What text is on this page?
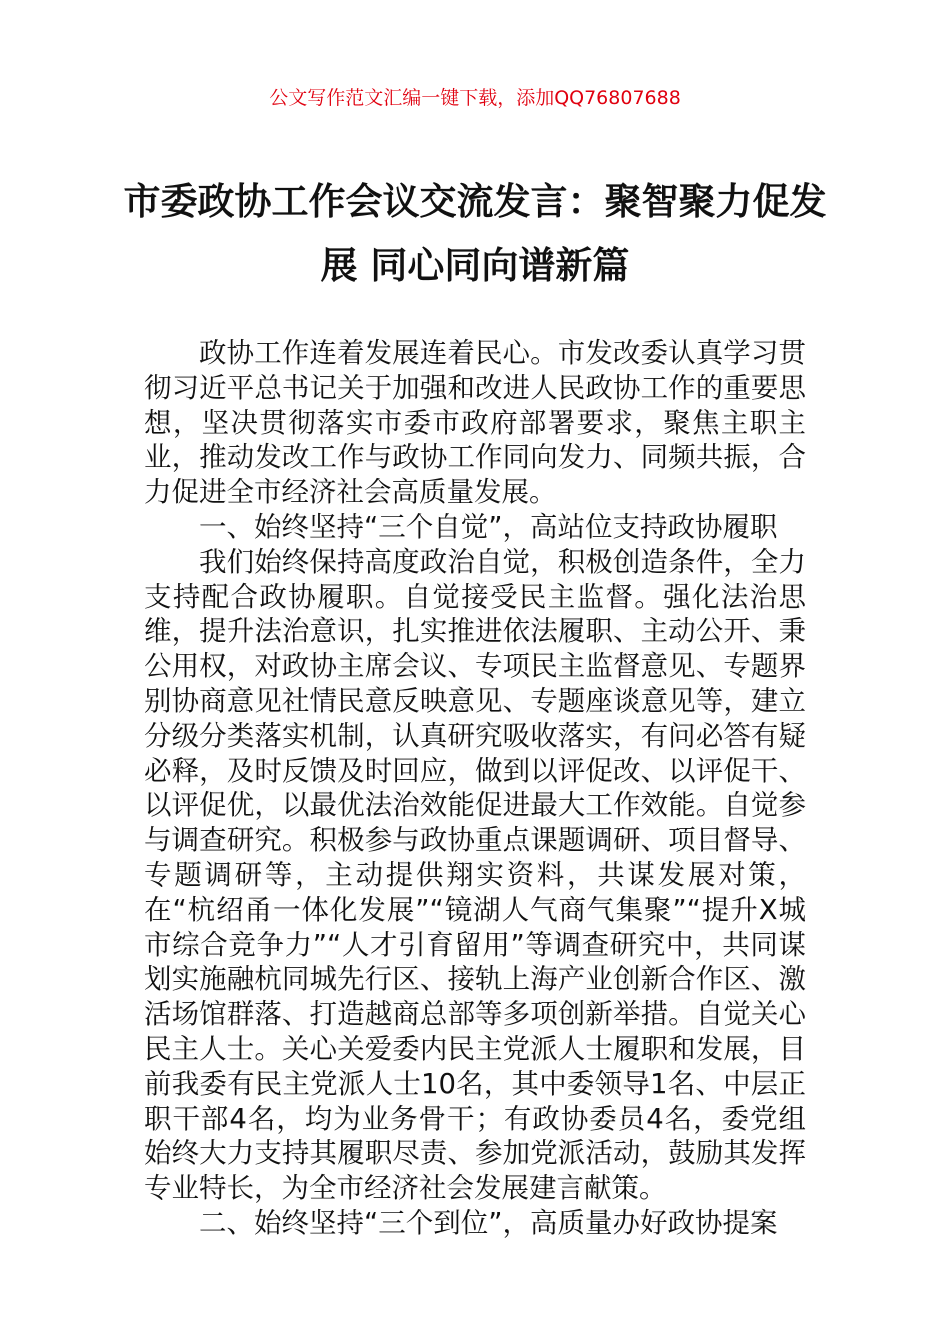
公文写作范文汇编一键下载，添加QQ76807688
市委政协工作会议交流发言：聚智聚力促发展 同心同向谱新篇

政协工作连着发展连着民心。市发改委认真学习贯彻习近平总书记关于加强和改进人民政协工作的重要思想，坚决贯彻落实市委市政府部署要求，聚焦主职主业，推动发改工作与政协工作同向发力、同频共振，合力促进全市经济社会高质量发展。

一、始终坚持“三个自觉”，高站位支持政协履职

我们始终保持高度政治自觉，积极创造条件，全力支持配合政协履职。自觉接受民主监督。强化法治思维，提升法治意识，扎实推进依法履职、主动公开、秉公用权，对政协主席会议、专项民主监督意见、专题界别协商意见社情民意反映意见、专题座谈意见等，建立分级分类落实机制，认真研究吸收落实，有问必答有疑必释，及时反馈及时回应，做到以评促改、以评促干、以评促优，以最优法治效能促进最大工作效能。自觉参与调查研究。积极参与政协重点课题调研、项目督导、专题调研等，主动提供翔实资料，共谋发展对策，在“杭绍甬一体化发展”“镜湖人气商气集聚”“提升X城市综合竞争力”“人才引育留用”等调查研究中，共同谋划实施融杭同城先行区、接轨上海产业创新合作区、激活场馆群落、打造越商总部等多项创新举措。自觉关心民主人士。关心关爱委内民主党派人士履职和发展，目前我委有民主党派人士10名，其中委领导1名、中层正职干部4名，均为业务骨干；有政协委员4名，委党组始终大力支持其履职尽责、参加党派活动，鼓励其发挥专业特长，为全市经济社会发展建言献策。

二、始终坚持“三个到位”，高质量办好政协提案
